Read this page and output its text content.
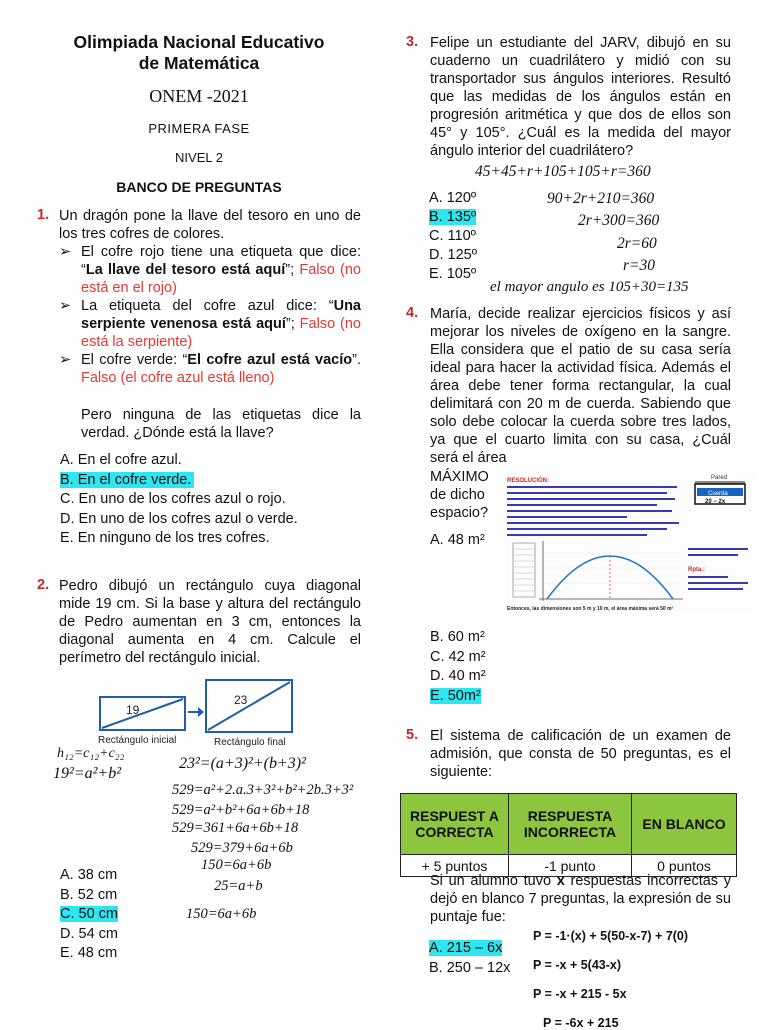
Olimpiada Nacional Educativo
de Matemática
ONEM -2021
PRIMERA FASE
NIVEL 2
BANCO DE PREGUNTAS
1. Un dragón pone la llave del tesoro en uno de los tres cofres de colores.
➢ El cofre rojo tiene una etiqueta que dice: “La llave del tesoro está aquí”; Falso (no está en el rojo)
➢ La etiqueta del cofre azul dice: “Una serpiente venenosa está aquí”; Falso (no está la serpiente)
➢ El cofre verde: “El cofre azul está vacío”. Falso (el cofre azul está lleno)
Pero ninguna de las etiquetas dice la verdad. ¿Dónde está la llave?
A. En el cofre azul.
B. En el cofre verde.
C. En uno de los cofres azul o rojo.
D. En uno de los cofres azul o verde.
E. En ninguno de los tres cofres.
2. Pedro dibujó un rectángulo cuya diagonal mide 19 cm. Si la base y altura del rectángulo de Pedro aumentan en 3 cm, entonces la diagonal aumenta en 4 cm. Calcule el perímetro del rectángulo inicial.
19
23
Rectángulo inicial	Rectángulo final
h₁₂=c₁₂+c₂₂
19²=a²+b²
23²=(a+3)²+(b+3)²
529=a²+2.a.3+3²+b²+2b.3+3²
529=a²+b²+6a+6b+18
529=361+6a+6b+18
529=379+6a+6b
150=6a+6b
25=a+b
150=6a+6b
A. 38 cm
B. 52 cm
C. 50 cm
D. 54 cm
E. 48 cm
3. Felipe un estudiante del JARV, dibujó en su cuaderno un cuadrilátero y midió con su transportador sus ángulos interiores. Resultó que las medidas de los ángulos están en progresión aritmética y que dos de ellos son 45° y 105°. ¿Cuál es la medida del mayor ángulo interior del cuadrilátero?
45+45+r+105+105+r=360
90+2r+210=360
2r+300=360
2r=60
r=30
el mayor angulo es 105+30=135
A. 120º
B. 135º
C. 110º
D. 125º
E. 105º
4. María, decide realizar ejercicios físicos y así mejorar los niveles de oxígeno en la sangre. Ella considera que el patio de su casa sería ideal para hacer la actividad física. Además el área debe tener forma rectangular, la cual delimitará con 20 m de cuerda. Sabiendo que solo debe colocar la cuerda sobre tres lados, ya que el cuarto limita con su casa, ¿Cuál será el área
MÁXIMO de dicho espacio?
RESOLUCIÓN:	Pared
Cuerda
20 − 2x
Rpta.:
Entonces, las dimensiones son 5 m y 10 m, el área máxima será 50 m²
A. 48 m²
B. 60 m²
C. 42 m²
D. 40 m²
E. 50m²
5. El sistema de calificación de un examen de admisión, que consta de 50 preguntas, es el siguiente:
RESPUEST A CORRECTA	RESPUESTA INCORRECTA	EN BLANCO
+ 5 puntos	-1 punto	0 puntos
Si un alumno tuvo x respuestas incorrectas y dejó en blanco 7 preguntas, la expresión de su puntaje fue:
A. 215 – 6x
B. 250 – 12x
P = -1·(x) + 5(50-x-7) + 7(0)
P = -x + 5(43-x)
P = -x + 215 - 5x
P = -6x + 215
